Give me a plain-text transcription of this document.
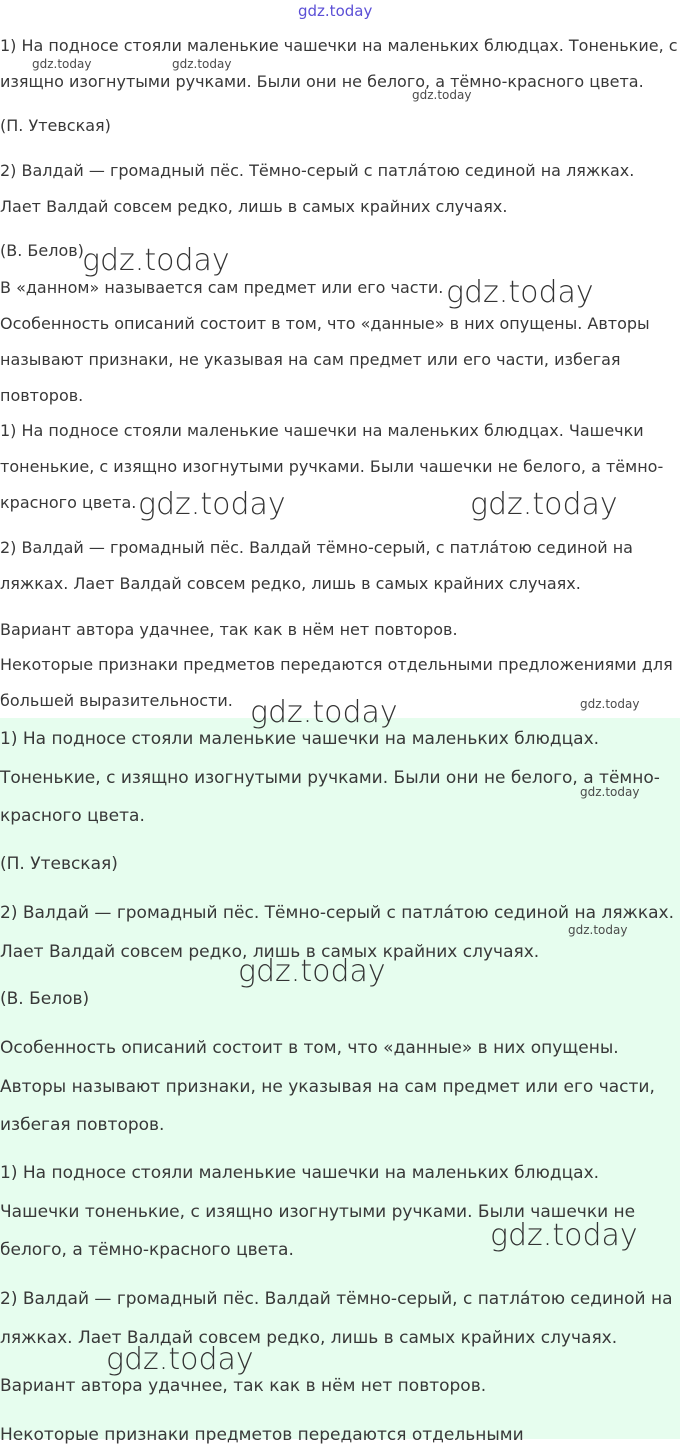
1) На подносе стояли маленькие чашечки на маленьких блюдцах. Тоненькие, с изящно изогнутыми ручками. Были они не белого, а тёмно-красного цвета.

(П. Утевская)

2) Валдай — громадный пёс. Тёмно-серый с патла́тою сединой на ляжках. Лает Валдай совсем редко, лишь в самых крайних случаях.

(В. Белов)

В «данном» называется сам предмет или его части.

Особенность описаний состоит в том, что «данные» в них опущены. Авторы называют признаки, не указывая на сам предмет или его части, избегая повторов.

1) На подносе стояли маленькие чашечки на маленьких блюдцах. Чашечки тоненькие, с изящно изогнутыми ручками. Были чашечки не белого, а тёмно-красного цвета.

2) Валдай — громадный пёс. Валдай тёмно-серый, с патла́тою сединой на ляжках. Лает Валдай совсем редко, лишь в самых крайних случаях.

Вариант автора удачнее, так как в нём нет повторов.

Некоторые признаки предметов передаются отдельными предложениями для большей выразительности.

1) На подносе стояли маленькие чашечки на маленьких блюдцах. Тоненькие, с изящно изогнутыми ручками. Были они не белого, а тёмно-красного цвета.

(П. Утевская)

2) Валдай — громадный пёс. Тёмно-серый с патла́тою сединой на ляжках. Лает Валдай совсем редко, лишь в самых крайних случаях.

(В. Белов)

Особенность описаний состоит в том, что «данные» в них опущены. Авторы называют признаки, не указывая на сам предмет или его части, избегая повторов.

1) На подносе стояли маленькие чашечки на маленьких блюдцах. Чашечки тоненькие, с изящно изогнутыми ручками. Были чашечки не белого, а тёмно-красного цвета.

2) Валдай — громадный пёс. Валдай тёмно-серый, с патла́тою сединой на ляжках. Лает Валдай совсем редко, лишь в самых крайних случаях.

Вариант автора удачнее, так как в нём нет повторов.

Некоторые признаки предметов передаются отдельными

gdz.today
gdz.today	gdz.today
gdz.today
gdz.today
gdz.today
gdz.today	gdz.today
gdz.today
gdz.today
gdz.today
gdz.today
gdz.today
gdz.today
gdz.today
